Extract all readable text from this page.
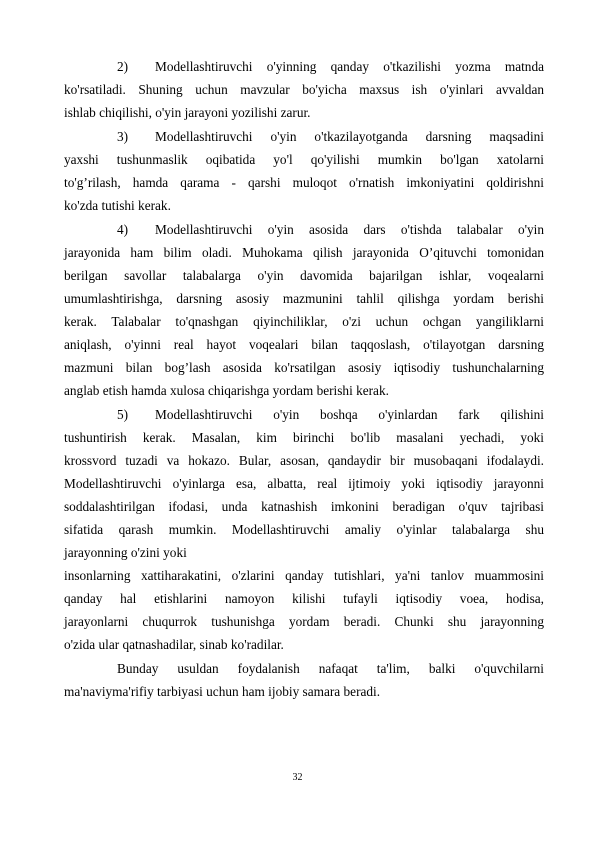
2)	Modellashtiruvchi o'yinning qanday o'tkazilishi yozma matnda
ko'rsatiladi. Shuning uchun mavzular bo'yicha maxsus ish o'yinlari avvaldan
ishlab chiqilishi, o'yin jarayoni yozilishi zarur.
3)	Modellashtiruvchi o'yin o'tkazilayotganda darsning maqsadini
yaxshi tushunmaslik oqibatida yo'l qo'yilishi mumkin bo'lgan xatolarni
to'g’rilash, hamda qarama - qarshi muloqot o'rnatish imkoniyatini qoldirishni
ko'zda tutishi kerak.
4)	Modellashtiruvchi o'yin asosida dars o'tishda talabalar o'yin
jarayonida ham bilim oladi. Muhokama qilish jarayonida O’qituvchi tomonidan
berilgan savollar talabalarga o'yin davomida bajarilgan ishlar, voqealarni
umumlashtirishga, darsning asosiy mazmunini tahlil qilishga yordam berishi
kerak. Talabalar to'qnashgan qiyinchiliklar, o'zi uchun ochgan yangiliklarni
aniqlash, o'yinni real hayot voqealari bilan taqqoslash, o'tilayotgan darsning
mazmuni bilan bog’lash asosida ko'rsatilgan asosiy iqtisodiy tushunchalarning
anglab etish hamda xulosa chiqarishga yordam berishi kerak.
5)	Modellashtiruvchi o'yin boshqa o'yinlardan fark qilishini
tushuntirish kerak. Masalan, kim birinchi bo'lib masalani yechadi, yoki
krossvord tuzadi va hokazo. Bular, asosan, qandaydir bir musobaqani ifodalaydi.
Modellashtiruvchi o'yinlarga esa, albatta, real ijtimoiy yoki iqtisodiy jarayonni
soddalashtirilgan ifodasi, unda katnashish imkonini beradigan o'quv tajribasi
sifatida qarash mumkin. Modellashtiruvchi amaliy o'yinlar talabalarga shu
jarayonning o'zini yoki
insonlarning xattiharakatini, o'zlarini qanday tutishlari, ya'ni tanlov muammosini
qanday hal etishlarini namoyon kilishi tufayli iqtisodiy voea, hodisa,
jarayonlarni chuqurrok tushunishga yordam beradi. Chunki shu jarayonning
o'zida ular qatnashadilar, sinab ko'radilar.
Bunday usuldan foydalanish nafaqat ta'lim, balki o'quvchilarni
ma'naviyma'rifiy tarbiyasi uchun ham ijobiy samara beradi.
32
